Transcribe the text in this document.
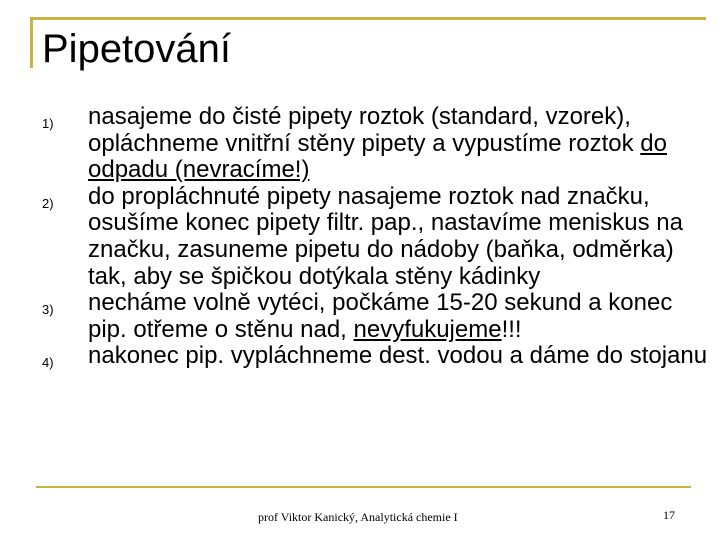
Pipetování
1)	nasajeme do čisté pipety roztok (standard, vzorek), opláchneme vnitřní stěny pipety a vypustíme roztok do odpadu (nevracíme!)
2)	do propláchnuté pipety nasajeme roztok nad značku, osušíme konec pipety filtr. pap., nastavíme meniskus na značku, zasuneme pipetu do nádoby (baňka, odměrka) tak, aby se špičkou dotýkala stěny kádinky
3)	necháme volně vytéci, počkáme 15-20 sekund a konec pip. otřeme o stěnu nad, nevyfukujeme!!!
4)	nakonec pip. vypláchneme dest. vodou a dáme do stojanu
prof Viktor Kanický, Analytická chemie I	17
